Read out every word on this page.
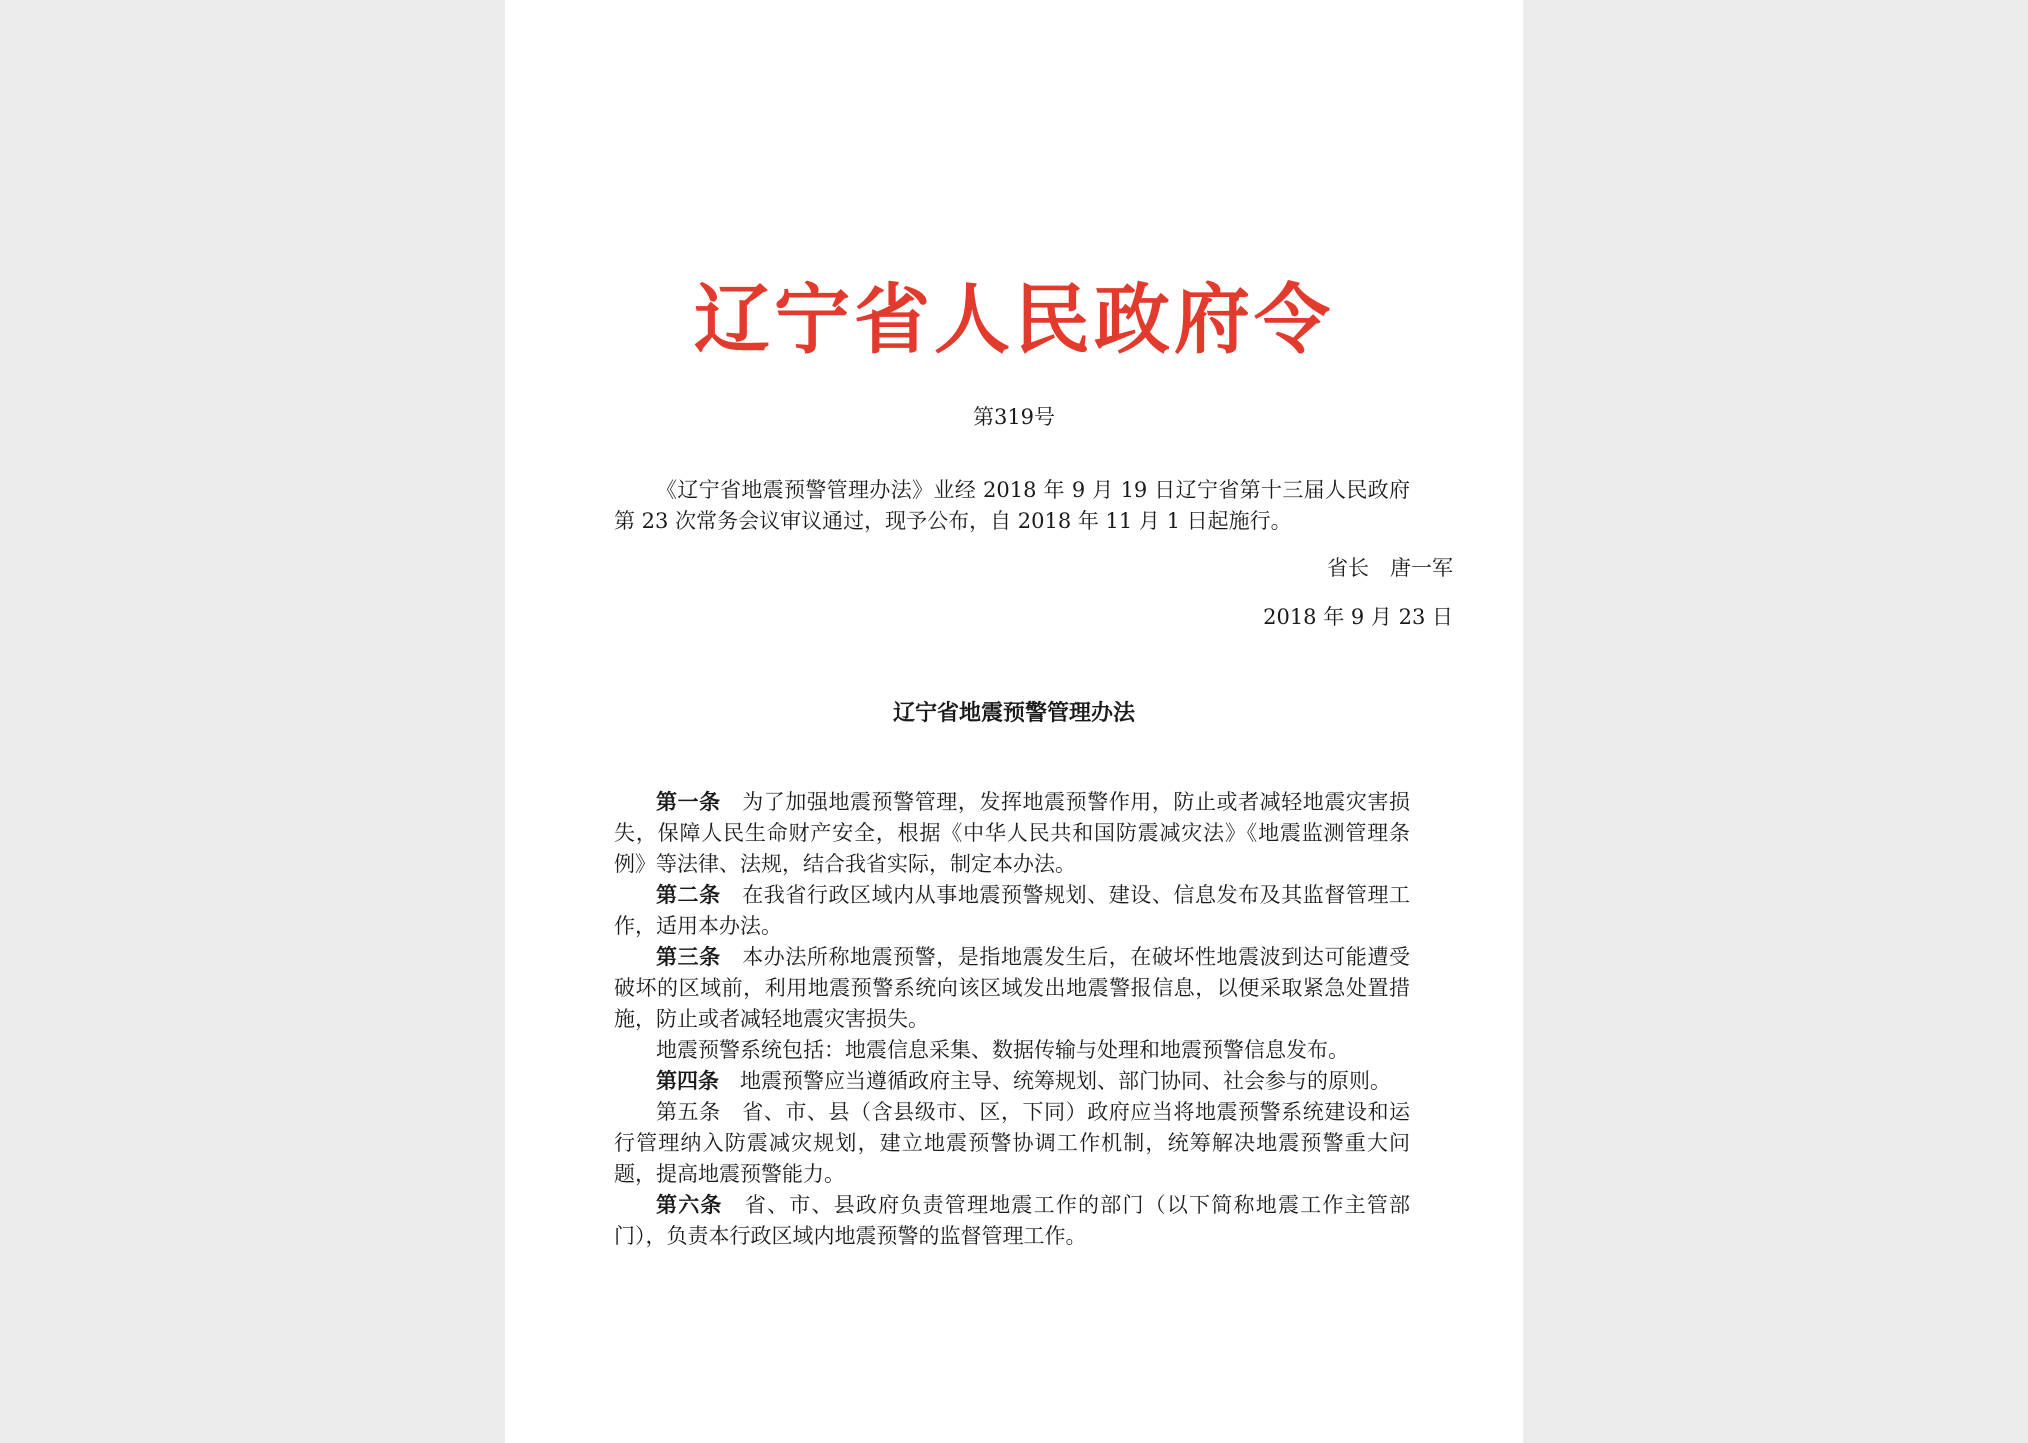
辽宁省人民政府令
第319号

《辽宁省地震预警管理办法》业经 2018 年 9 月 19 日辽宁省第十三届人民政府第 23 次常务会议审议通过，现予公布，自 2018 年 11 月 1 日起施行。

省长　唐一军
2018 年 9 月 23 日
辽宁省地震预警管理办法

第一条　 为了加强地震预警管理，发挥地震预警作用，防止或者减轻地震灾害损失，保障人民生命财产安全，根据《中华人民共和国防震减灾法》《地震监测管理条例》等法律、法规，结合我省实际，制定本办法。

第二条　 在我省行政区域内从事地震预警规划、建设、信息发布及其监督管理工作，适用本办法。

第三条　 本办法所称地震预警，是指地震发生后，在破坏性地震波到达可能遭受破坏的区域前，利用地震预警系统向该区域发出地震警报信息，以便采取紧急处置措施，防止或者减轻地震灾害损失。

地震预警系统包括：地震信息采集、数据传输与处理和地震预警信息发布。

第四条　 地震预警应当遵循政府主导、统筹规划、部门协同、社会参与的原则。

第五条　 省、市、县（含县级市、区，下同）政府应当将地震预警系统建设和运行管理纳入防震减灾规划，建立地震预警协调工作机制，统筹解决地震预警重大问题，提高地震预警能力。

第六条　 省、市、县政府负责管理地震工作的部门（以下简称地震工作主管部门），负责本行政区域内地震预警的监督管理工作。
